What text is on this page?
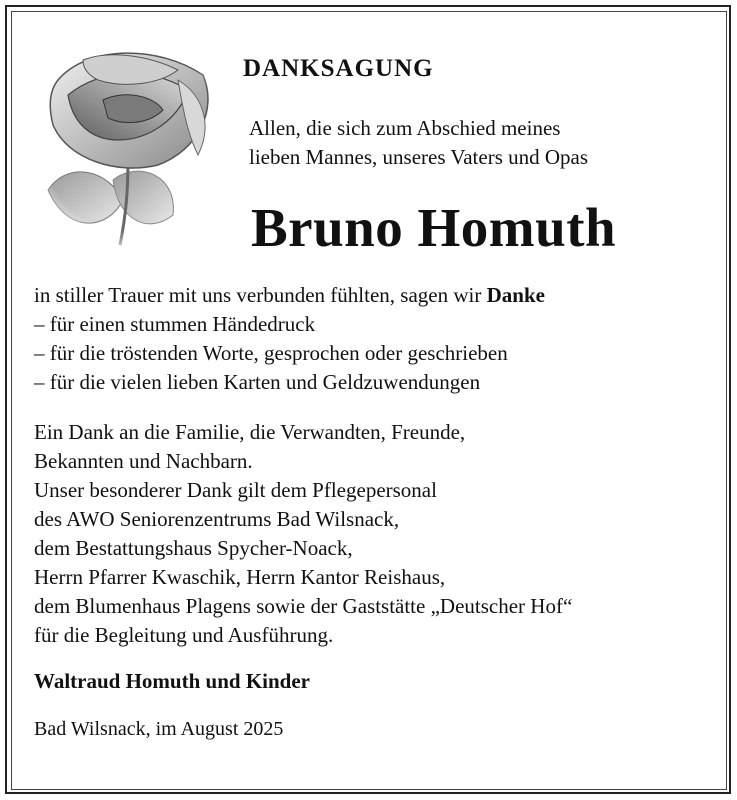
DANKSAGUNG
Allen, die sich zum Abschied meines
lieben Mannes, unseres Vaters und Opas
Bruno Homuth
in stiller Trauer mit uns verbunden fühlten, sagen wir Danke
– für einen stummen Händedruck
– für die tröstenden Worte, gesprochen oder geschrieben
– für die vielen lieben Karten und Geldzuwendungen
Ein Dank an die Familie, die Verwandten, Freunde,
Bekannten und Nachbarn.
Unser besonderer Dank gilt dem Pflegepersonal
des AWO Seniorenzentrums Bad Wilsnack,
dem Bestattungshaus Spycher-Noack,
Herrn Pfarrer Kwaschik, Herrn Kantor Reishaus,
dem Blumenhaus Plagens sowie der Gaststätte „Deutscher Hof“
für die Begleitung und Ausführung.
Waltraud Homuth und Kinder
Bad Wilsnack, im August 2025
